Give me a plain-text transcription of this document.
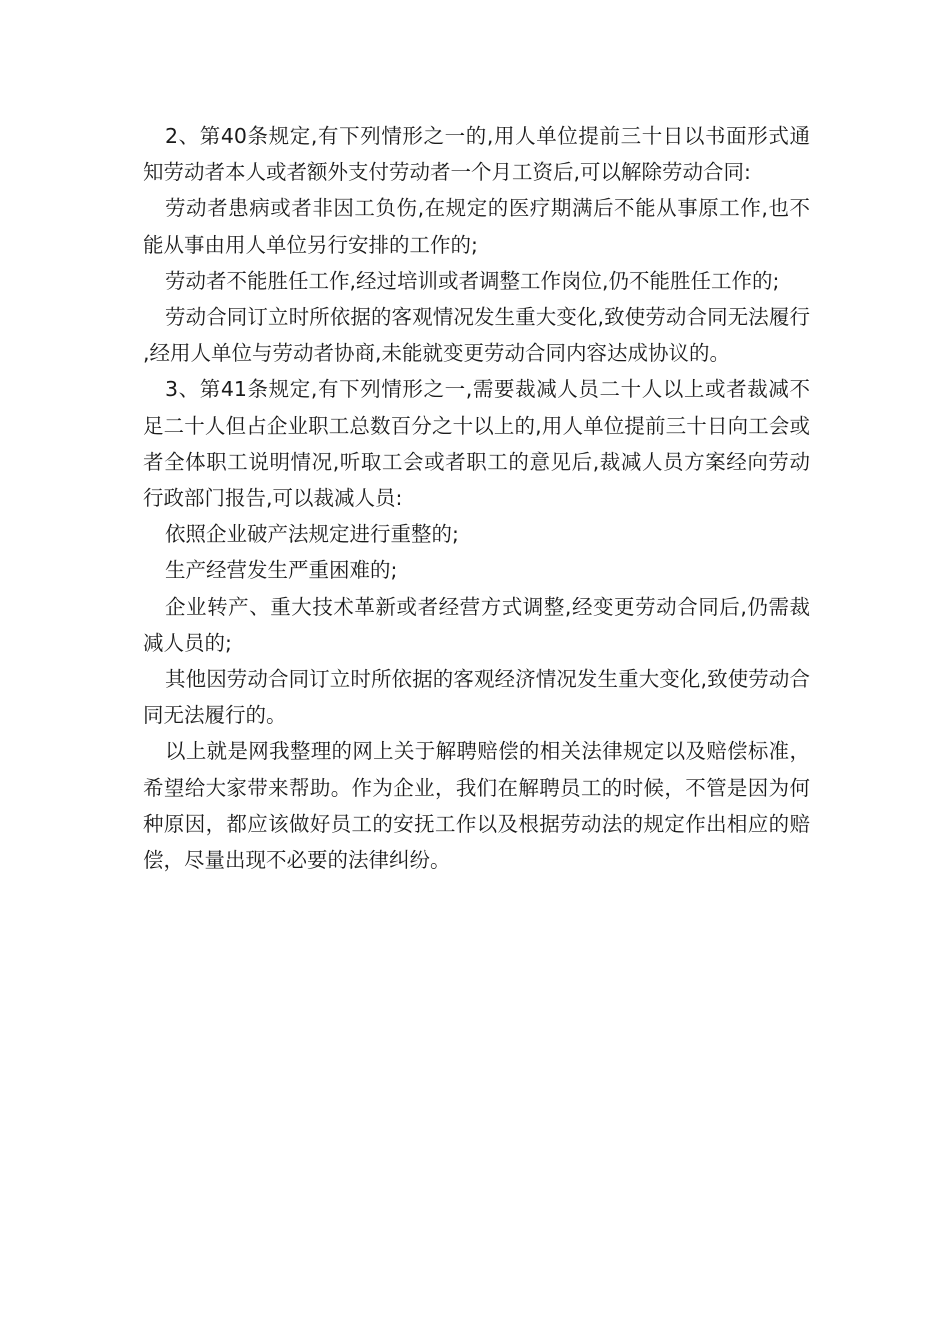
2、第40条规定,有下列情形之一的,用人单位提前三十日以书面形式通知劳动者本人或者额外支付劳动者一个月工资后,可以解除劳动合同:

劳动者患病或者非因工负伤,在规定的医疗期满后不能从事原工作,也不能从事由用人单位另行安排的工作的;

劳动者不能胜任工作,经过培训或者调整工作岗位,仍不能胜任工作的;

劳动合同订立时所依据的客观情况发生重大变化,致使劳动合同无法履行,经用人单位与劳动者协商,未能就变更劳动合同内容达成协议的。

3、第41条规定,有下列情形之一,需要裁减人员二十人以上或者裁减不足二十人但占企业职工总数百分之十以上的,用人单位提前三十日向工会或者全体职工说明情况,听取工会或者职工的意见后,裁减人员方案经向劳动行政部门报告,可以裁减人员:

依照企业破产法规定进行重整的;

生产经营发生严重困难的;

企业转产、重大技术革新或者经营方式调整,经变更劳动合同后,仍需裁减人员的;

其他因劳动合同订立时所依据的客观经济情况发生重大变化,致使劳动合同无法履行的。

以上就是网我整理的网上关于解聘赔偿的相关法律规定以及赔偿标准，希望给大家带来帮助。作为企业，我们在解聘员工的时候，不管是因为何种原因，都应该做好员工的安抚工作以及根据劳动法的规定作出相应的赔偿，尽量出现不必要的法律纠纷。
